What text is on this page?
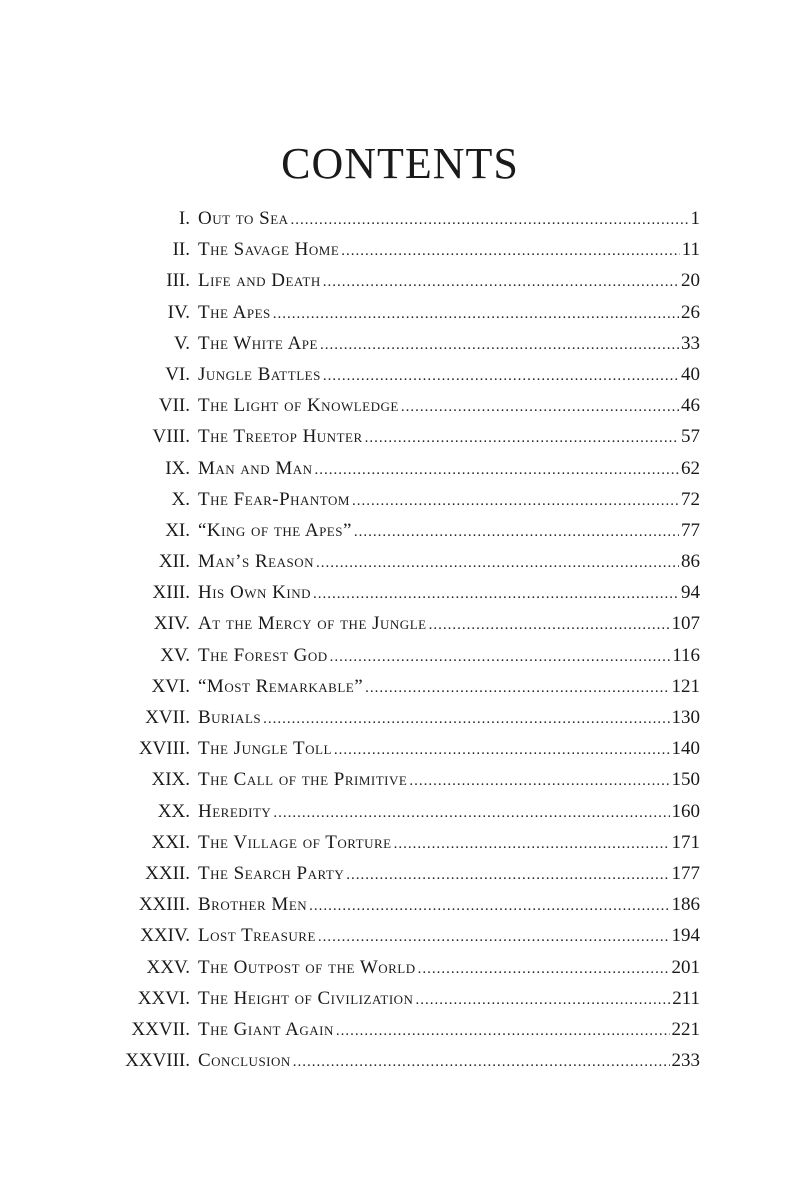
CONTENTS
I. Out to Sea .....	1
II. The Savage Home .....	11
III. Life and Death .....	20
IV. The Apes .....	26
V. The White Ape .....	33
VI. Jungle Battles .....	40
VII. The Light of Knowledge .....	46
VIII. The Treetop Hunter .....	57
IX. Man and Man .....	62
X. The Fear-Phantom .....	72
XI. “King of the Apes” .....	77
XII. Man’s Reason .....	86
XIII. His Own Kind .....	94
XIV. At the Mercy of the Jungle .....	107
XV. The Forest God .....	116
XVI. “Most Remarkable” .....	121
XVII. Burials .....	130
XVIII. The Jungle Toll .....	140
XIX. The Call of the Primitive .....	150
XX. Heredity .....	160
XXI. The Village of Torture .....	171
XXII. The Search Party .....	177
XXIII. Brother Men .....	186
XXIV. Lost Treasure .....	194
XXV. The Outpost of the World .....	201
XXVI. The Height of Civilization .....	211
XXVII. The Giant Again .....	221
XXVIII. Conclusion .....	233
